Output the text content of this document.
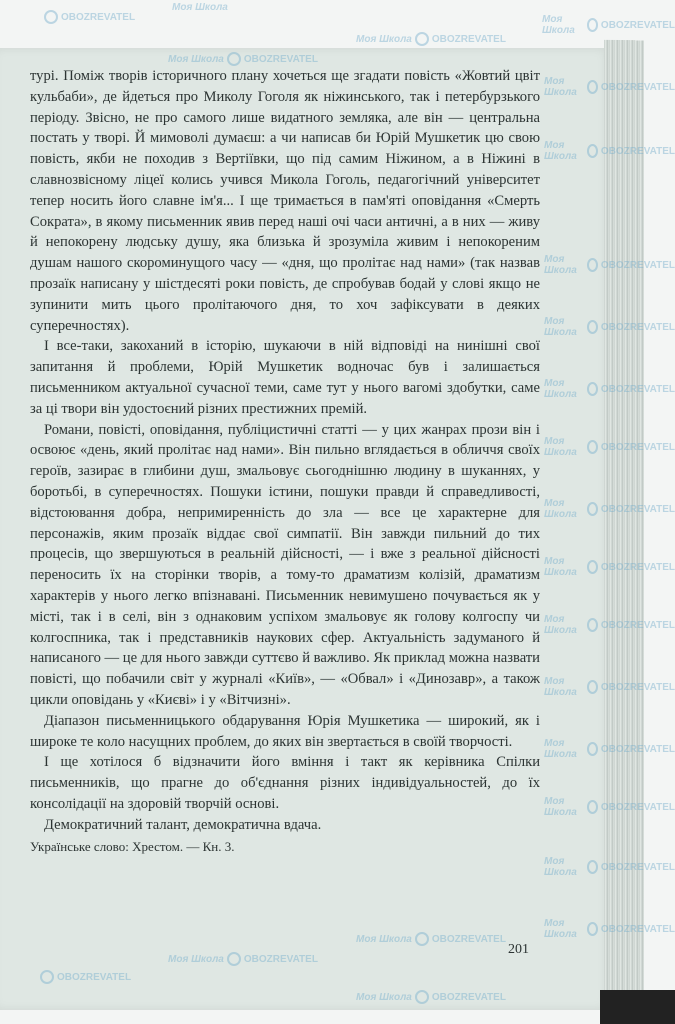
турі. Поміж творів історичного плану хочеться ще згадати повість «Жовтий цвіт кульбаби», де йдеться про Миколу Гоголя як ніжинського, так і петербурзького періоду. Звісно, не про самого лише видатного земляка, але він — центральна постать у творі. Й мимоволі думаєш: а чи написав би Юрій Мушкетик цю свою повість, якби не походив з Вертіївки, що під самим Ніжином, а в Ніжині в славнозвісному ліцеї колись учився Микола Гоголь, педагогічний університет тепер носить його славне ім'я... І ще тримається в пам'яті оповідання «Смерть Сократа», в якому письменник явив перед наші очі часи античні, а в них — живу й непокорену людську душу, яка близька й зрозуміла живим і непокореним душам нашого скороминущого часу — «дня, що пролітає над нами» (так назвав прозаїк написану у шістдесяті роки повість, де спробував бодай у слові якщо не зупинити мить цього пролітаючого дня, то хоч зафіксувати в деяких суперечностях).

І все-таки, закоханий в історію, шукаючи в ній відповіді на нинішні свої запитання й проблеми, Юрій Мушкетик водночас був і залишається письменником актуальної сучасної теми, саме тут у нього вагомі здобутки, саме за ці твори він удостоєний різних престижних премій.

Романи, повісті, оповідання, публіцистичні статті — у цих жанрах прози він і освоює «день, який пролітає над нами». Він пильно вглядається в обличчя своїх героїв, зазирає в глибини душ, змальовує сьогоднішню людину в шуканнях, у боротьбі, в суперечностях. Пошуки істини, пошуки правди й справедливості, відстоювання добра, непримиренність до зла — все це характерне для персонажів, яким прозаїк віддає свої симпатії. Він завжди пильний до тих процесів, що звершуються в реальній дійсності, — і вже з реальної дійсності переносить їх на сторінки творів, а тому-то драматизм колізій, драматизм характерів у нього легко впізнавані. Письменник невимушено почувається як у місті, так і в селі, він з однаковим успіхом змальовує як голову колгоспу чи колгоспника, так і представників наукових сфер. Актуальність задуманого й написаного — це для нього завжди суттєво й важливо. Як приклад можна назвати повісті, що побачили світ у журналі «Київ», — «Обвал» і «Динозавр», а також цикли оповідань у «Києві» і у «Вітчизні».

Діапазон письменницького обдарування Юрія Мушкетика — широкий, як і широке те коло насущних проблем, до яких він звертається в своїй творчості.

І ще хотілося б відзначити його вміння і такт як керівника Спілки письменників, що прагне до об'єднання різних індивідуальностей, до їх консолідації на здоровій творчій основі.

Демократичний талант, демократична вдача.

Українське слово: Хрестом. — Кн. 3.
201
OBOZREVATEL
Моя Школа
Моя Школа	OBOZREVATEL
Моя Школа OBOZREVATEL
Моя Школа OBOZREVATEL
Моя Школа	OBOZREVATEL
Моя Школа	OBOZREVATEL
Моя Школа	OBOZREVATEL
Моя Школа	OBOZREVATEL
Моя Школа	OBOZREVATEL
Моя Школа	OBOZREVATEL
Моя Школа	OBOZREVATEL
Моя Школа	OBOZREVATEL
Моя Школа	OBOZREVATEL
Моя Школа	OBOZREVATEL
Моя Школа	OBOZREVATEL
Моя Школа	OBOZREVATEL
Моя Школа	OBOZREVATEL
Моя Школа	OBOZREVATEL
Моя Школа OBOZREVATEL
Моя Школа OBOZREVATEL
OBOZREVATEL
Моя Школа OBOZREVATEL
